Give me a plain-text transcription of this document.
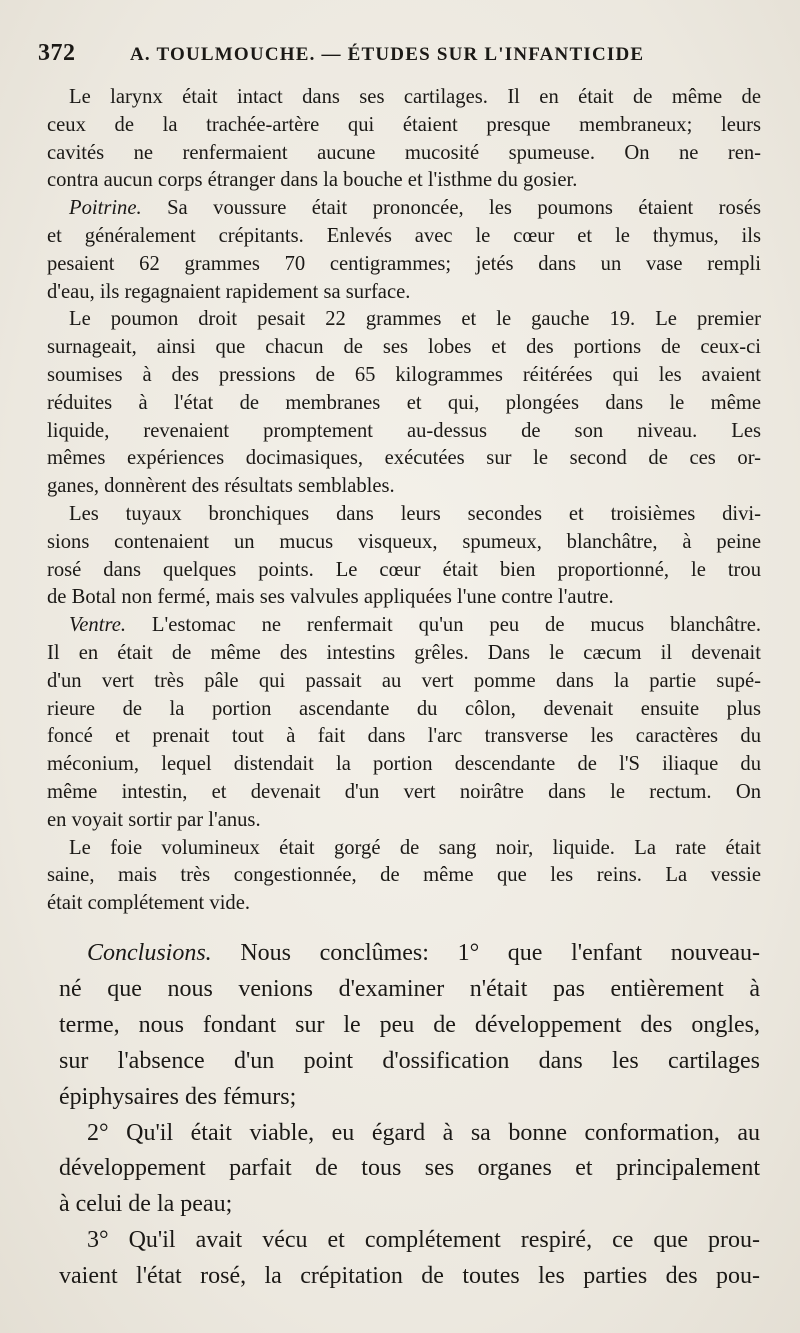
372	A. TOULMOUCHE. — ÉTUDES SUR L'INFANTICIDE
Le larynx était intact dans ses cartilages. Il en était de même de
ceux de la trachée-artère qui étaient presque membraneux; leurs
cavités ne renfermaient aucune mucosité spumeuse. On ne ren-
contra aucun corps étranger dans la bouche et l'isthme du gosier.
Poitrine. Sa voussure était prononcée, les poumons étaient rosés
et généralement crépitants. Enlevés avec le cœur et le thymus, ils
pesaient 62 grammes 70 centigrammes; jetés dans un vase rempli
d'eau, ils regagnaient rapidement sa surface.
Le poumon droit pesait 22 grammes et le gauche 19. Le premier
surnageait, ainsi que chacun de ses lobes et des portions de ceux-ci
soumises à des pressions de 65 kilogrammes réitérées qui les avaient
réduites à l'état de membranes et qui, plongées dans le même
liquide, revenaient promptement au-dessus de son niveau. Les
mêmes expériences docimasiques, exécutées sur le second de ces or-
ganes, donnèrent des résultats semblables.
Les tuyaux bronchiques dans leurs secondes et troisièmes divi-
sions contenaient un mucus visqueux, spumeux, blanchâtre, à peine
rosé dans quelques points. Le cœur était bien proportionné, le trou
de Botal non fermé, mais ses valvules appliquées l'une contre l'autre.
Ventre. L'estomac ne renfermait qu'un peu de mucus blanchâtre.
Il en était de même des intestins grêles. Dans le cæcum il devenait
d'un vert très pâle qui passait au vert pomme dans la partie supé-
rieure de la portion ascendante du côlon, devenait ensuite plus
foncé et prenait tout à fait dans l'arc transverse les caractères du
méconium, lequel distendait la portion descendante de l'S iliaque du
même intestin, et devenait d'un vert noirâtre dans le rectum. On
en voyait sortir par l'anus.
Le foie volumineux était gorgé de sang noir, liquide. La rate était
saine, mais très congestionnée, de même que les reins. La vessie
était complétement vide.
Conclusions. Nous conclûmes: 1° que l'enfant nouveau-
né que nous venions d'examiner n'était pas entièrement à
terme, nous fondant sur le peu de développement des ongles,
sur l'absence d'un point d'ossification dans les cartilages
épiphysaires des fémurs;
2° Qu'il était viable, eu égard à sa bonne conformation, au
développement parfait de tous ses organes et principalement
à celui de la peau;
3° Qu'il avait vécu et complétement respiré, ce que prou-
vaient l'état rosé, la crépitation de toutes les parties des pou-
